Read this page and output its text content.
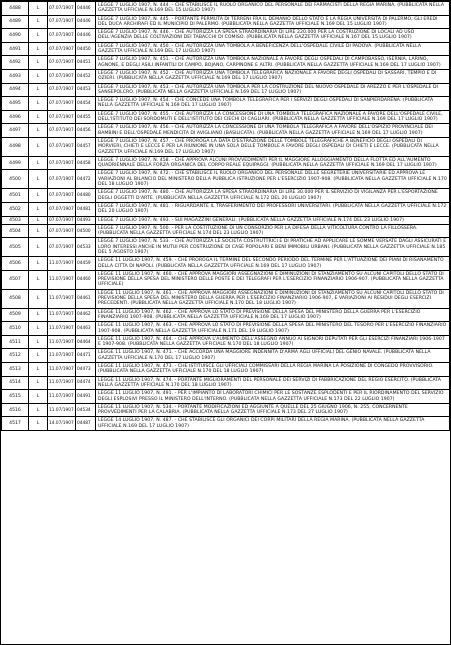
4488	L	07.07/1907	04446	LEGGE 7 LUGLIO 1907, N. 444. - CHE STABILISCE IL RUOLO ORGANICO DEL PERSONALE DEI FARMACISTI DELLA REGIA MARINA. (PUBBLICATA NELLA GAZZETTA UFFICIALE N.169 DEL 15 LUGLIO 1907)
4489	L	07.07/1907	04446	LEGGE 7 LUGLIO 1907, N. 445. - PORTANTE PERMUTA DI TERRENI FRA IL DEMANIO DELLO STATO E LA REGIA UNIVERSITA DI PALERMO, GLI EREDI DEL DUCA ARCHIRAFI ED IL MUNICIPIO DI PALERMO. (PUBBLICATA NELLA GAZZETTA UFFICIALE N.169 DEL 15 LUGLIO 1907)
4490	L	07.07/1907	04446	LEGGE 7 LUGLIO 1907, N. 446. - CHE AUTORIZZA LA SPESA STRAORDINARIA DI LIRE 220.000 PER LA COSTRUZIONE DI LOCALI AD USO DELL'AGENZIA DELLE COLTIVAZIONI DEI TABACCHI DI COMISO. (PUBBLICATA NELLA GAZZETTA UFFICIALE N.167 DEL 15 LUGLIO 1907)
4491	L	07.07/1907	04450	LEGGE 7 LUGLIO 1907, N. 450. - CHE AUTORIZZA UNA TOMBOLA A BENEFICENZA DELL'OSPEDALE CIVILE DI PADOVA. (PUBBLICATA NELLA GAZZETTA UFFICIALE N.169 DEL 17 LUGLIO 1907)
4492	L	07.07/1907	04451	LEGGE 7 LUGLIO 1907, N. 451. - CHE AUTORIZZA UNA TOMBOLA NAZIONALE A FAVORE DEGLI OSPEDALI DI CAMPOBASSO, ISERNIA, LARINO, AGNONE, E DEGLI ASILI INFANTILI DI CAMPO, BOJANO, CARPINONE E ALTRI. (PUBBLICATA NELLA GAZZETTA UFFICIALE N.169 DEL 17 LUGLIO 1907)
4493	L	07.07/1907	04452	LEGGE 7 LUGLIO 1907, N. 452. - CHE AUTORIZZA UNA TOMBOLA TELEGRAFICA NAZIONALE A FAVORE DEGLI OSPEDALI DI SASSARI, TEMPIO E DI OZIERI. (PUBBLICATA NELLA GAZZETTA UFFICIALE N.169 DEL 17 LUGLIO 1907)
4494	L	07.07/1907	04453	LEGGE 7 LUGLIO 1907, N. 453. - CHE AUTORIZZA UNA TOMBOLA PER LA COSTRUZIONE DEL NUOVO OSPEDALE DI AREZZO E PER L'OSPEDALE DI SANSEPOLCRO. (PUBBLICATA NELLA GAZZETTA UFFICIALE N.169 DEL 17 LUGLIO 1907)
4495	L	07.07/1907	04454	LEGGE 7 LUGLIO 1907, N. 454. - CHE CONCEDE UNA TOMBOLA TELEGRAFICA PER I SERVIZI DEGLI OSPEDALI DI SANPIERDARENA. (PUBBLICATA NELLA GAZZETTA UFFICIALE N.169 DEL 17 LUGLIO 1907)
4496	L	07.07/1907	04455	LEGGE 7 LUGLIO 1907, N. 455. - CHE AUTORIZZA LA CONCESSIONE DI UNA TOMBOLA TELEGRAFICA NAZIONALE A FAVORE DELL'OSPEDALE CIVILE, DELL'ISTITUTO DEI SORDOMUTI E DELL'ISTITUTO DEI CIECHI DI CAGLIARI. (PUBBLICATA NELLA GAZZETTA UFFICIALE N.169 DEL 17 LUGLIO 1907)
4497	L	07.07/1907	04456	LEGGE 7 LUGLIO 1907, N. 456. - CHE AUTORIZZA LA CONCESSIONE DI UNA TOMBOLA TELEGRAFICA A FAVORE DELL'OSPIZIO PROVINCIALE DEI BAMBINI E DELL'OSPEDALE MENDICITA DI AVIGLIANO (BASILICATA). (PUBBLICATA NELLA GAZZETTA UFFICIALE N.169 DEL 17 LUGLIO 1907)
4498	L	07.07/1907	04457	LEGGE 7 LUGLIO 1907, N. 457. - CHE PROROGA LA DATA D'ESTRAZIONE DELLE TOMBOLE TELEGRAFICHE A BENEFICIO DEGLI OSPEDALI DI MORVIERI, CHIETI E LECCE E PER LA RIUNIONE IN UNA SOLA DELLE TOMBOLE A FAVORE DEGLI OSPEDALI DI CHIETI E LECCE. (PUBBLICATA NELLA GAZZETTA UFFICIALE N.169 DEL 17 LUGLIO 1907)
4499	L	07.07/1907	04458	LEGGE 7 LUGLIO 1907, N. 458. - CHE APPROVA ALCUNI PROVVEDIMENTI PER IL MAGGIORE ALLOGGIAMENTO DELLA FLOTTA ED ALL'AUMENTO QUADRIENNALE DELLA FORZA ORGANICA DEL CORPO REALE EQUIPAGGI. (PUBBLICATA NELLA GAZZETTA UFFICIALE N.169 DEL 17 LUGLIO 1907)
4500	L	07.07/1907	04472	LEGGE 7 LUGLIO 1907, N. 472. - CHE STABILISCE IL RUOLO ORGANICO DEL PERSONALE DELLE SEGRETERIE UNIVERSITARIE ED APPROVA LE VARIAZIONI AL BILANCIO DEL MINISTERO DELLA PUBBLICA ISTRUZIONE PER L'ESERCIZIO 1907-908. (PUBBLICATA NELLA GAZZETTA UFFICIALE N.170 DEL 18 LUGLIO 1907)
4501	L	07.07/1907	04480	LEGGE 7 LUGLIO 1907, N. 480. - CHE AUTORIZZA LA SPESA STRAORDINARIA DI LIRE 30.000 PER IL SERVIZIO DI VIGILANZA PER L'ESPORTAZIONE DEGLI OGGETTI D'ARTE. (PUBBLICATA NELLA GAZZETTA UFFICIALE N.172 DEL 20 LUGLIO 1907)
4502	L	07.07/1907	04481	LEGGE 7 LUGLIO 1907, N. 481. - RIGUARDANTE IL TRASFERIMENTO DEI PROFESSORI UNIVERSITARI. (PUBBLICATA NELLA GAZZETTA UFFICIALE N.172 DEL 20 LUGLIO 1907)
4503	L	07.07/1907	04493	LEGGE 7 LUGLIO 1907, N. 493. - SUI MAGAZZINI GENERALI. (PUBBLICATA NELLA GAZZETTA UFFICIALE N.174 DEL 23 LUGLIO 1907)
4504	L	07.07/1907	04500	LEGGE 7 LUGLIO 1907, N. 500. - PER LA COSTITUZIONE DI UN CONSORZIO PER LA DIFESA DELLA VITICOLTURA CONTRO LA FILLOSSERA. (PUBBLICATA NELLA GAZZETTA UFFICIALE N.174 DEL 23 LUGLIO 1907)
4505	L	07.07/1907	04533	LEGGE 7 LUGLIO 1907, N. 533. - CHE AUTORIZZA LE SOCIETA COSTRUTTRICI E DI PRATICHE AD APPLICARE LE SOMME VERSATE DAGLI ASSICURATI E LORO INTERESSI ANCHE IN MUTUI PER COSTRUZIONE DI CASE POPOLARI E BENI IMMOBILI URBANI. (PUBBLICATA NELLA GAZZETTA UFFICIALE N.185 DEL 5 AGOSTO 1907)
4506	L	11.07/1907	04459	LEGGE 11 LUGLIO 1907, N. 459. - CHE PROROGA IL TERMINE DEL SECONDO PERIODO DEL TERMINE PER L'ATTUAZIONE DEI PIANI DI RISANAMENTO DELLA CITTA DI NAPOLI. (PUBBLICATA NELLA GAZZETTA UFFICIALE N.169 DEL 17 LUGLIO 1907)
4507	L	11.07/1907	04460	LEGGE 11 LUGLIO 1907, N. 460. - CHE APPROVA MAGGIORI ASSEGNAZIONI E DIMINUZIONI DI STANZIAMENTO SU ALCUNI CAPITOLI DELLO STATO DI PREVISIONE DELLA SPESA DEL MINISTERO DELLE POSTE E DEI TELEGRAFI PER L'ESERCIZIO FINANZIARIO 1906-907. (PUBBLICATA NELLA GAZZETTA UFFICIALE)
4508	L	11.07/1907	04461	LEGGE 11 LUGLIO 1907, N. 461. - CHE APPROVA MAGGIORI ASSEGNAZIONI E DIMINUZIONI DI STANZIAMENTO SU ALCUNI CAPITOLI DELLO STATO DI PREVISIONE DELLA SPESA DEL MINISTERO DELLA GUERRA PER L'ESERCIZIO FINANZIARIO 1906-907, E VARIAZIONI AI RESIDUI DEGLI ESERCIZI PRECEDENTI. (PUBBLICATA NELLA GAZZETTA UFFICIALE N.170 DEL 18 LUGLIO 1907)
4509	L	11.07/1907	04462	LEGGE 11 LUGLIO 1907, N. 462. - CHE APPROVA LO STATO DI PREVISIONE DELLA SPESA DEL MINISTERO DELLA GUERRA PER L'ESERCIZIO FINANZIARIO 1907-908. (PUBBLICATA NELLA GAZZETTA UFFICIALE N.169 DEL 17 LUGLIO 1907)
4510	L	11.07/1907	04463	LEGGE 11 LUGLIO 1907, N. 463. - CHE APPROVA LO STATO DI PREVISIONE DELLA SPESA DEL MINISTERO DEL TESORO PER L'ESERCIZIO FINANZIARIO 1907-908. (PUBBLICATA NELLA GAZZETTA UFFICIALE N.171 DEL 19 LUGLIO 1907)
4511	L	11.07/1907	04464	LEGGE 11 LUGLIO 1907, N. 464. - CHE APPROVA L'AUMENTO DELL'ASSEGNO ANNUO AI SIGNORI DEPUTATI PER GLI ESERCIZI FINANZIARI 1906-1907 E 1907-908. (PUBBLICATA NELLA GAZZETTA UFFICIALE N.170 DEL 18 LUGLIO 1907)
4512	L	11.07/1907	04471	LEGGE 11 LUGLIO 1907, N. 471. - CHE ACCORDA UNA MAGGIORE INDENNITA D'ARMA AGLI UFFICIALI DEL GENIO NAVALE. (PUBBLICATA NELLA GAZZETTA UFFICIALE N.170 DEL 17 LUGLIO 1907)
4513	L	11.07/1907	04473	LEGGE 11 LUGLIO 1907, N. 473. - CHE ISTITUISCE GLI UFFICIALI COMMISSARI DELLA REGIA MARINA LA POSIZIONE DI CONGEDO PROVVISORIO. (PUBBLICATA NELLA GAZZETTA UFFICIALE N.170 DEL 18 LUGLIO 1907)
4514	L	11.07/1907	04474	LEGGE 11 LUGLIO 1907, N. 474. - PORTANTE MIGLIORAMENTI DEL PERSONALE DEI SERVIZI DI FABBRICAZIONE DEL REGIO ESERCITO. (PUBBLICATA NELLA GAZZETTA UFFICIALE N.170 DEL 18 LUGLIO 1907)
4515	L	11.07/1907	04491	LEGGE 11 LUGLIO 1907, N. 491. - PER L'IMPIANTO DI LABORATORI CHIMICI PER LE SOSTANZE ESPLODENTI E PER IL RIORDINAMENTO DEL SERVIZIO DEGLI ESPLOSIVI PRESSO IL MINISTERO DELL'INTERNO. (PUBBLICATA NELLA GAZZETTA UFFICIALE N.173 DEL 22 LUGLIO 1907)
4516	L	11.07/1907	04534	LEGGE 11 LUGLIO 1907, N. 534. - PORTANTE MODIFICAZIONI ED AGGIUNTE A QUELLE DEL 25 GIUGNO 1906, N. 255, CONCERNENTE PROVVEDIMENTI PER LA CALABRIA. (PUBBLICATA NELLA GAZZETTA UFFICIALE N.173 DEL 27 LUGLIO 1907)
4517	L	14.07/1907	04487	LEGGE 14 LUGLIO 1907, N. 487. - CHE STABILISCE GLI ORGANICI DEI CORPI MILITARI DELLA REGIA MARINA. (PUBBLICATA NELLA GAZZETTA UFFICIALE N.169 DEL 17 LUGLIO 1907)
